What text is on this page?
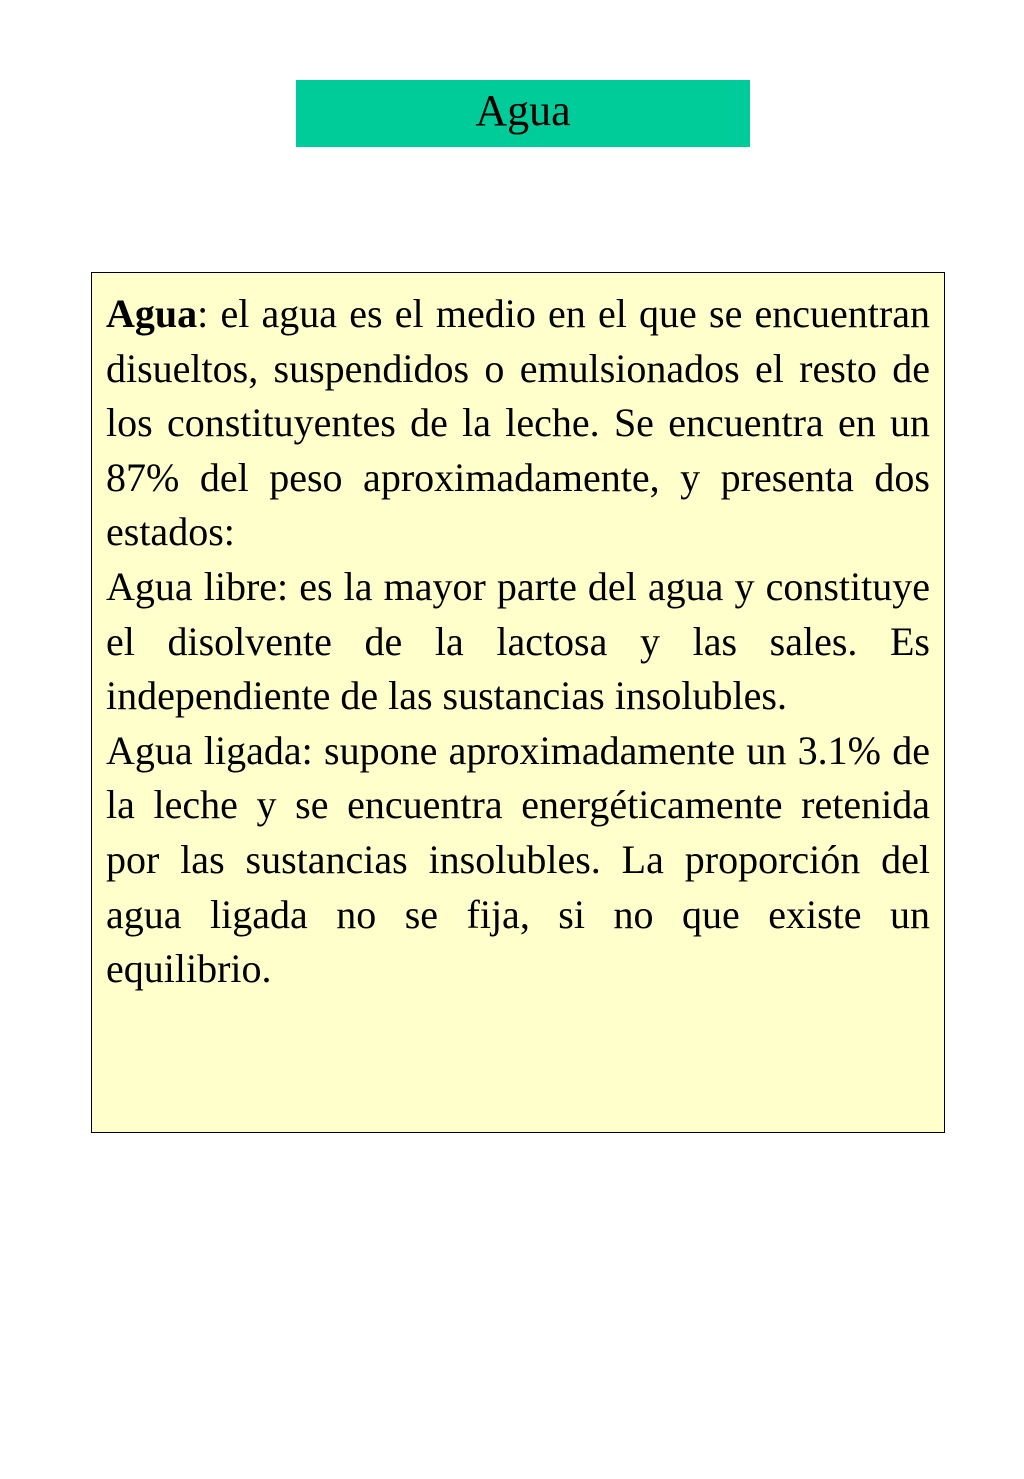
Agua

Agua: el agua es el medio en el que se encuentran disueltos, suspendidos o emulsionados el resto de los constituyentes de la leche. Se encuentra en un 87% del peso aproximadamente, y presenta dos estados:

Agua libre: es la mayor parte del agua y constituye el disolvente de la lactosa y las sales. Es independiente de las sustancias insolubles.

Agua ligada: supone aproximadamente un 3.1% de la leche y se encuentra energéticamente retenida por las sustancias insolubles. La proporción del agua ligada no se fija, si no que existe un equilibrio.
